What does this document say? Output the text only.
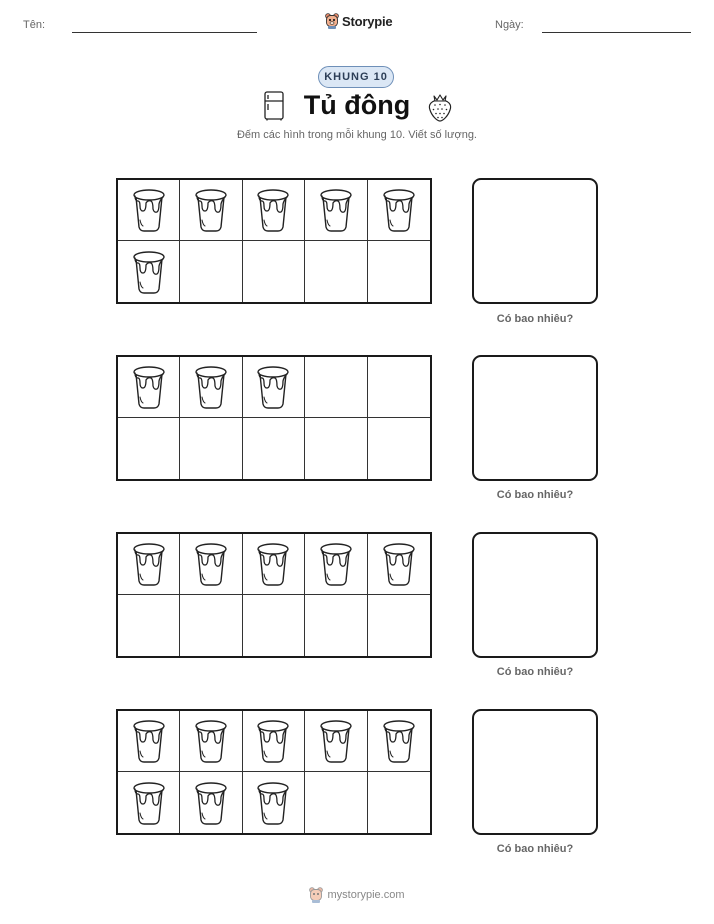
Tên:	Storypie	Ngày:
KHUNG 10
Tủ đông
Đếm các hình trong mỗi khung 10. Viết số lượng.
Có bao nhiêu?
Có bao nhiêu?
Có bao nhiêu?
Có bao nhiêu?
mystorypie.com
